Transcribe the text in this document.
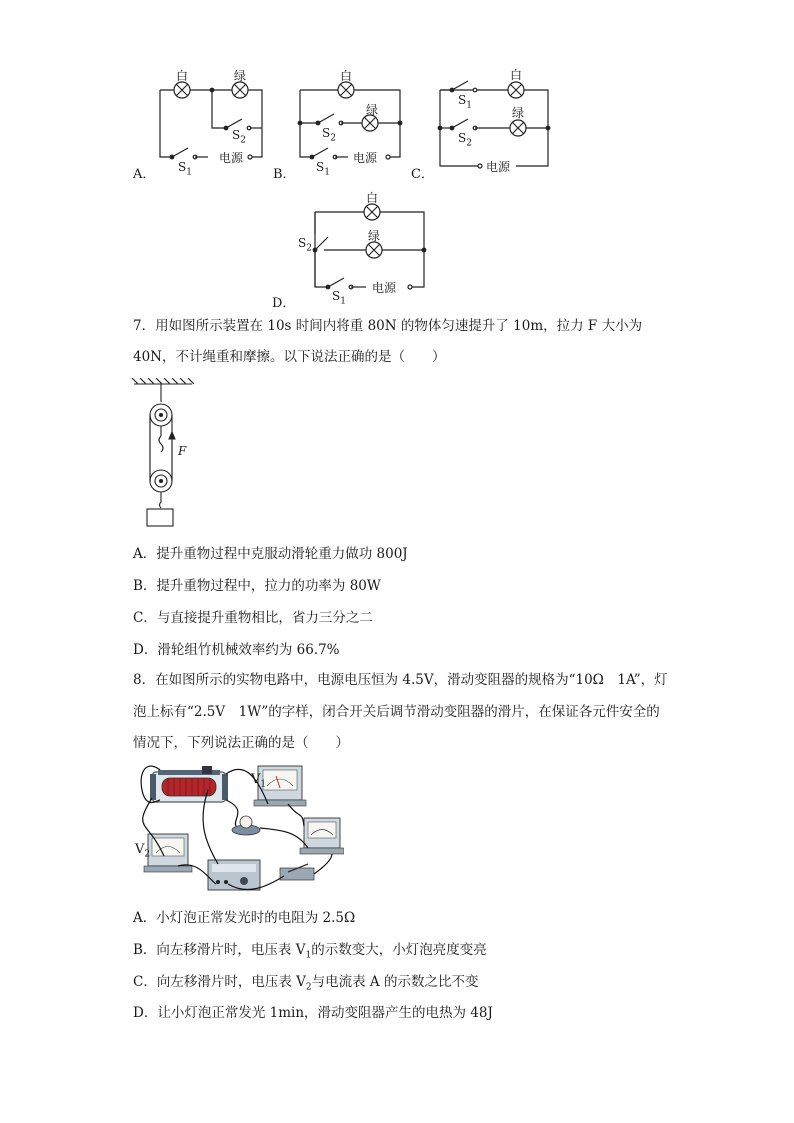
白	绿
$S_2$
$S_1$
电源
A．
白
绿
$S_2$
$S_1$
电源
B．
白
绿
$S_1$
$S_2$
电源
C．
白
绿
$S_2$
$S_1$
电源
D．
7．用如图所示装置在 10s 时间内将重 80N 的物体匀速提升了 10m，拉力 F 大小为
40N，不计绳重和摩擦。以下说法正确的是（　　）
F
A．提升重物过程中克服动滑轮重力做功 800J
B．提升重物过程中，拉力的功率为 80W
C．与直接提升重物相比，省力三分之二
D．滑轮组竹机械效率约为 66.7%
8．在如图所示的实物电路中，电源电压恒为 4.5V，滑动变阻器的规格为“10Ω　1A”，灯
泡上标有“2.5V　1W”的字样，闭合开关后调节滑动变阻器的滑片，在保证各元件安全的
情况下，下列说法正确的是（　　）
$V_1$
$V_2$
A．小灯泡正常发光时的电阻为 2.5Ω
B．向左移滑片时，电压表 $V_1$的示数变大，小灯泡亮度变亮
C．向左移滑片时，电压表 $V_2$与电流表 A 的示数之比不变
D．让小灯泡正常发光 1min，滑动变阻器产生的电热为 48J
